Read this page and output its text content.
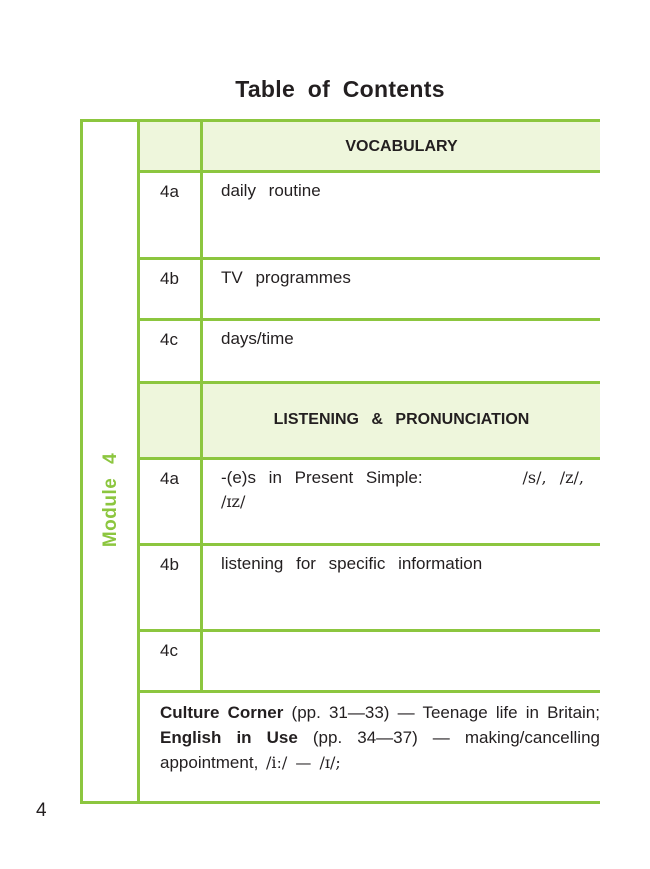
Table of Contents
Module 4
VOCABULARY
4a daily routine
4b TV programmes
4c	days/time
LISTENING & PRONUNCIATION
4a -(e)s in Present Simple:	/s/, /z/,
/ɪz/
4b listening for specific information
4c
Culture Corner (pp. 31—33) — Teenage life in Britain; English in Use (pp. 34—37) — making/cancelling appointment, /iː/ — /ɪ/;
4
